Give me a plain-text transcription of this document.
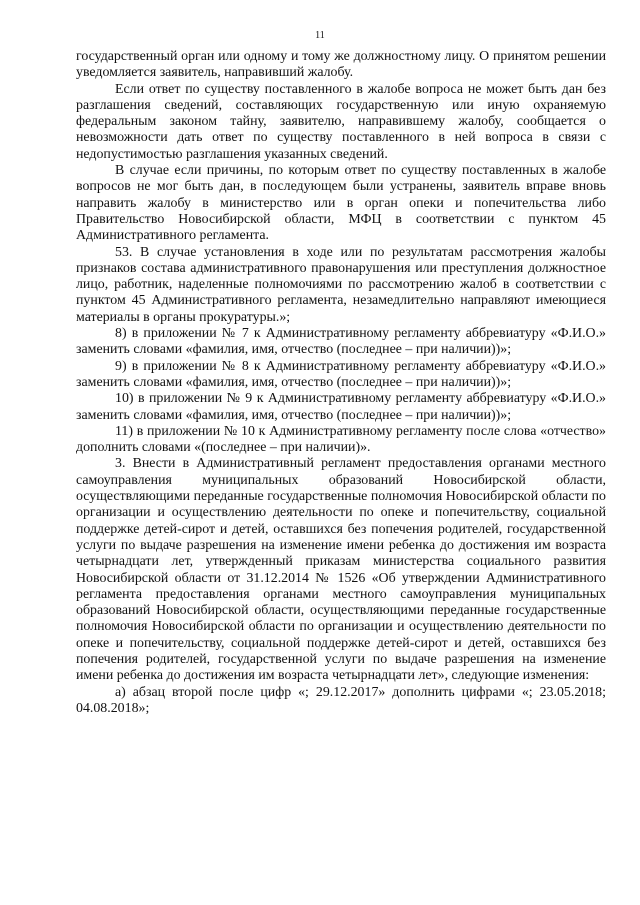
11

государственный орган или одному и тому же должностному лицу. О принятом решении уведомляется заявитель, направивший жалобу.

Если ответ по существу поставленного в жалобе вопроса не может быть дан без разглашения сведений, составляющих государственную или иную охраняемую федеральным законом тайну, заявителю, направившему жалобу, сообщается о невозможности дать ответ по существу поставленного в ней вопроса в связи с недопустимостью разглашения указанных сведений.

В случае если причины, по которым ответ по существу поставленных в жалобе вопросов не мог быть дан, в последующем были устранены, заявитель вправе вновь направить жалобу в министерство или в орган опеки и попечительства либо Правительство Новосибирской области, МФЦ в соответствии с пунктом 45 Административного регламента.

53. В случае установления в ходе или по результатам рассмотрения жалобы признаков состава административного правонарушения или преступления должностное лицо, работник, наделенные полномочиями по рассмотрению жалоб в соответствии с пунктом 45 Административного регламента, незамедлительно направляют имеющиеся материалы в органы прокуратуры.»;

8) в приложении № 7 к Административному регламенту аббревиатуру «Ф.И.О.» заменить словами «фамилия, имя, отчество (последнее – при наличии))»;

9) в приложении № 8 к Административному регламенту аббревиатуру «Ф.И.О.» заменить словами «фамилия, имя, отчество (последнее – при наличии))»;

10) в приложении № 9 к Административному регламенту аббревиатуру «Ф.И.О.» заменить словами «фамилия, имя, отчество (последнее – при наличии))»;

11) в приложении № 10 к Административному регламенту после слова «отчество» дополнить словами «(последнее – при наличии)».

3. Внести в Административный регламент предоставления органами местного самоуправления муниципальных образований Новосибирской области, осуществляющими переданные государственные полномочия Новосибирской области по организации и осуществлению деятельности по опеке и попечительству, социальной поддержке детей-сирот и детей, оставшихся без попечения родителей, государственной услуги по выдаче разрешения на изменение имени ребенка до достижения им возраста четырнадцати лет, утвержденный приказам министерства социального развития Новосибирской области от 31.12.2014 № 1526 «Об утверждении Административного регламента предоставления органами местного самоуправления муниципальных образований Новосибирской области, осуществляющими переданные государственные полномочия Новосибирской области по организации и осуществлению деятельности по опеке и попечительству, социальной поддержке детей-сирот и детей, оставшихся без попечения родителей, государственной услуги по выдаче разрешения на изменение имени ребенка до достижения им возраста четырнадцати лет», следующие изменения:

а) абзац второй после цифр «; 29.12.2017» дополнить цифрами «; 23.05.2018; 04.08.2018»;
